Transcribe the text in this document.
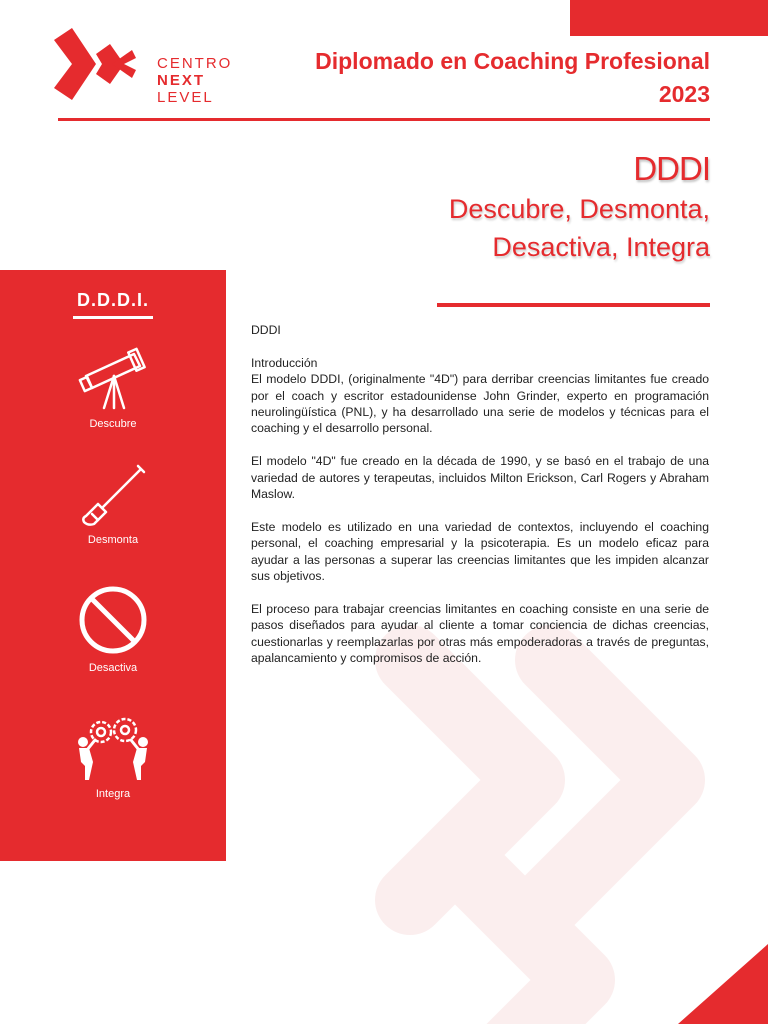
CENTRO
NEXT
LEVEL
Diplomado en Coaching Profesional
2023
DDDI
Descubre, Desmonta,
Desactiva, Integra
D.D.D.I.
Descubre
Desmonta
Desactiva
Integra

DDDI

Introducción

El modelo DDDI, (originalmente "4D") para derribar creencias limitantes fue creado por el coach y escritor estadounidense John Grinder, experto en programación neurolingüística (PNL), y ha desarrollado una serie de modelos y técnicas para el coaching y el desarrollo personal.

El modelo "4D" fue creado en la década de 1990, y se basó en el trabajo de una variedad de autores y terapeutas, incluidos Milton Erickson, Carl Rogers y Abraham Maslow.

Este modelo es utilizado en una variedad de contextos, incluyendo el coaching personal, el coaching empresarial y la psicoterapia. Es un modelo eficaz para ayudar a las personas a superar las creencias limitantes que les impiden alcanzar sus objetivos.

El proceso para trabajar creencias limitantes en coaching consiste en una serie de pasos diseñados para ayudar al cliente a tomar conciencia de dichas creencias, cuestionarlas y reemplazarlas por otras más empoderadoras a través de preguntas, apalancamiento y compromisos de acción.
